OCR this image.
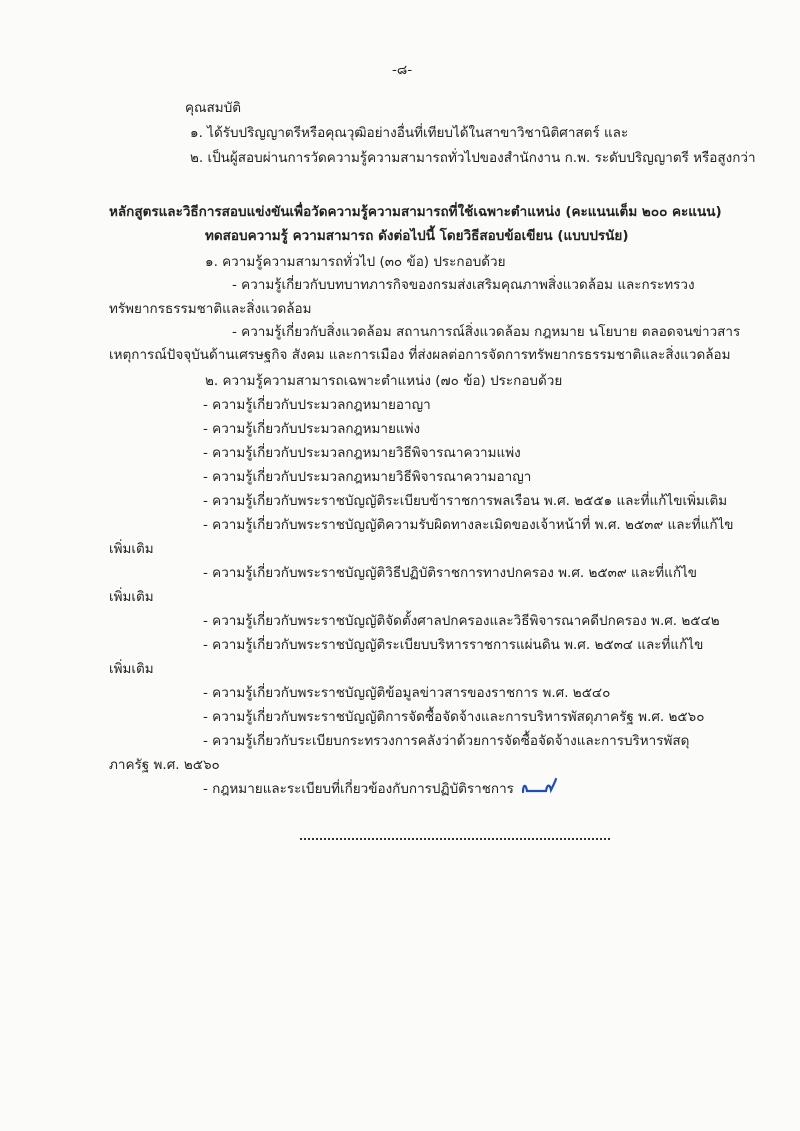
-๘-
คุณสมบัติ
๑. ได้รับปริญญาตรีหรือคุณวุฒิอย่างอื่นที่เทียบได้ในสาขาวิชานิติศาสตร์ และ
๒. เป็นผู้สอบผ่านการวัดความรู้ความสามารถทั่วไปของสำนักงาน ก.พ. ระดับปริญญาตรี หรือสูงกว่า
หลักสูตรและวิธีการสอบแข่งขันเพื่อวัดความรู้ความสามารถที่ใช้เฉพาะตำแหน่ง (คะแนนเต็ม ๒๐๐ คะแนน)
ทดสอบความรู้ ความสามารถ ดังต่อไปนี้ โดยวิธีสอบข้อเขียน (แบบปรนัย)
๑. ความรู้ความสามารถทั่วไป (๓๐ ข้อ) ประกอบด้วย
- ความรู้เกี่ยวกับบทบาทภารกิจของกรมส่งเสริมคุณภาพสิ่งแวดล้อม และกระทรวง
ทรัพยากรธรรมชาติและสิ่งแวดล้อม
- ความรู้เกี่ยวกับสิ่งแวดล้อม สถานการณ์สิ่งแวดล้อม กฎหมาย นโยบาย ตลอดจนข่าวสาร
เหตุการณ์ปัจจุบันด้านเศรษฐกิจ สังคม และการเมือง ที่ส่งผลต่อการจัดการทรัพยากรธรรมชาติและสิ่งแวดล้อม
๒. ความรู้ความสามารถเฉพาะตำแหน่ง (๗๐ ข้อ) ประกอบด้วย
- ความรู้เกี่ยวกับประมวลกฎหมายอาญา
- ความรู้เกี่ยวกับประมวลกฎหมายแพ่ง
- ความรู้เกี่ยวกับประมวลกฎหมายวิธีพิจารณาความแพ่ง
- ความรู้เกี่ยวกับประมวลกฎหมายวิธีพิจารณาความอาญา
- ความรู้เกี่ยวกับพระราชบัญญัติระเบียบข้าราชการพลเรือน พ.ศ. ๒๕๕๑ และที่แก้ไขเพิ่มเติม
- ความรู้เกี่ยวกับพระราชบัญญัติความรับผิดทางละเมิดของเจ้าหน้าที่ พ.ศ. ๒๕๓๙ และที่แก้ไข
เพิ่มเติม
- ความรู้เกี่ยวกับพระราชบัญญัติวิธีปฏิบัติราชการทางปกครอง พ.ศ. ๒๕๓๙ และที่แก้ไข
เพิ่มเติม
- ความรู้เกี่ยวกับพระราชบัญญัติจัดตั้งศาลปกครองและวิธีพิจารณาคดีปกครอง พ.ศ. ๒๕๔๒
- ความรู้เกี่ยวกับพระราชบัญญัติระเบียบบริหารราชการแผ่นดิน พ.ศ. ๒๕๓๔ และที่แก้ไข
เพิ่มเติม
- ความรู้เกี่ยวกับพระราชบัญญัติข้อมูลข่าวสารของราชการ พ.ศ. ๒๕๔๐
- ความรู้เกี่ยวกับพระราชบัญญัติการจัดซื้อจัดจ้างและการบริหารพัสดุภาครัฐ พ.ศ. ๒๕๖๐
- ความรู้เกี่ยวกับระเบียบกระทรวงการคลังว่าด้วยการจัดซื้อจัดจ้างและการบริหารพัสดุ
ภาครัฐ พ.ศ. ๒๕๖๐
- กฎหมายและระเบียบที่เกี่ยวข้องกับการปฏิบัติราชการ
